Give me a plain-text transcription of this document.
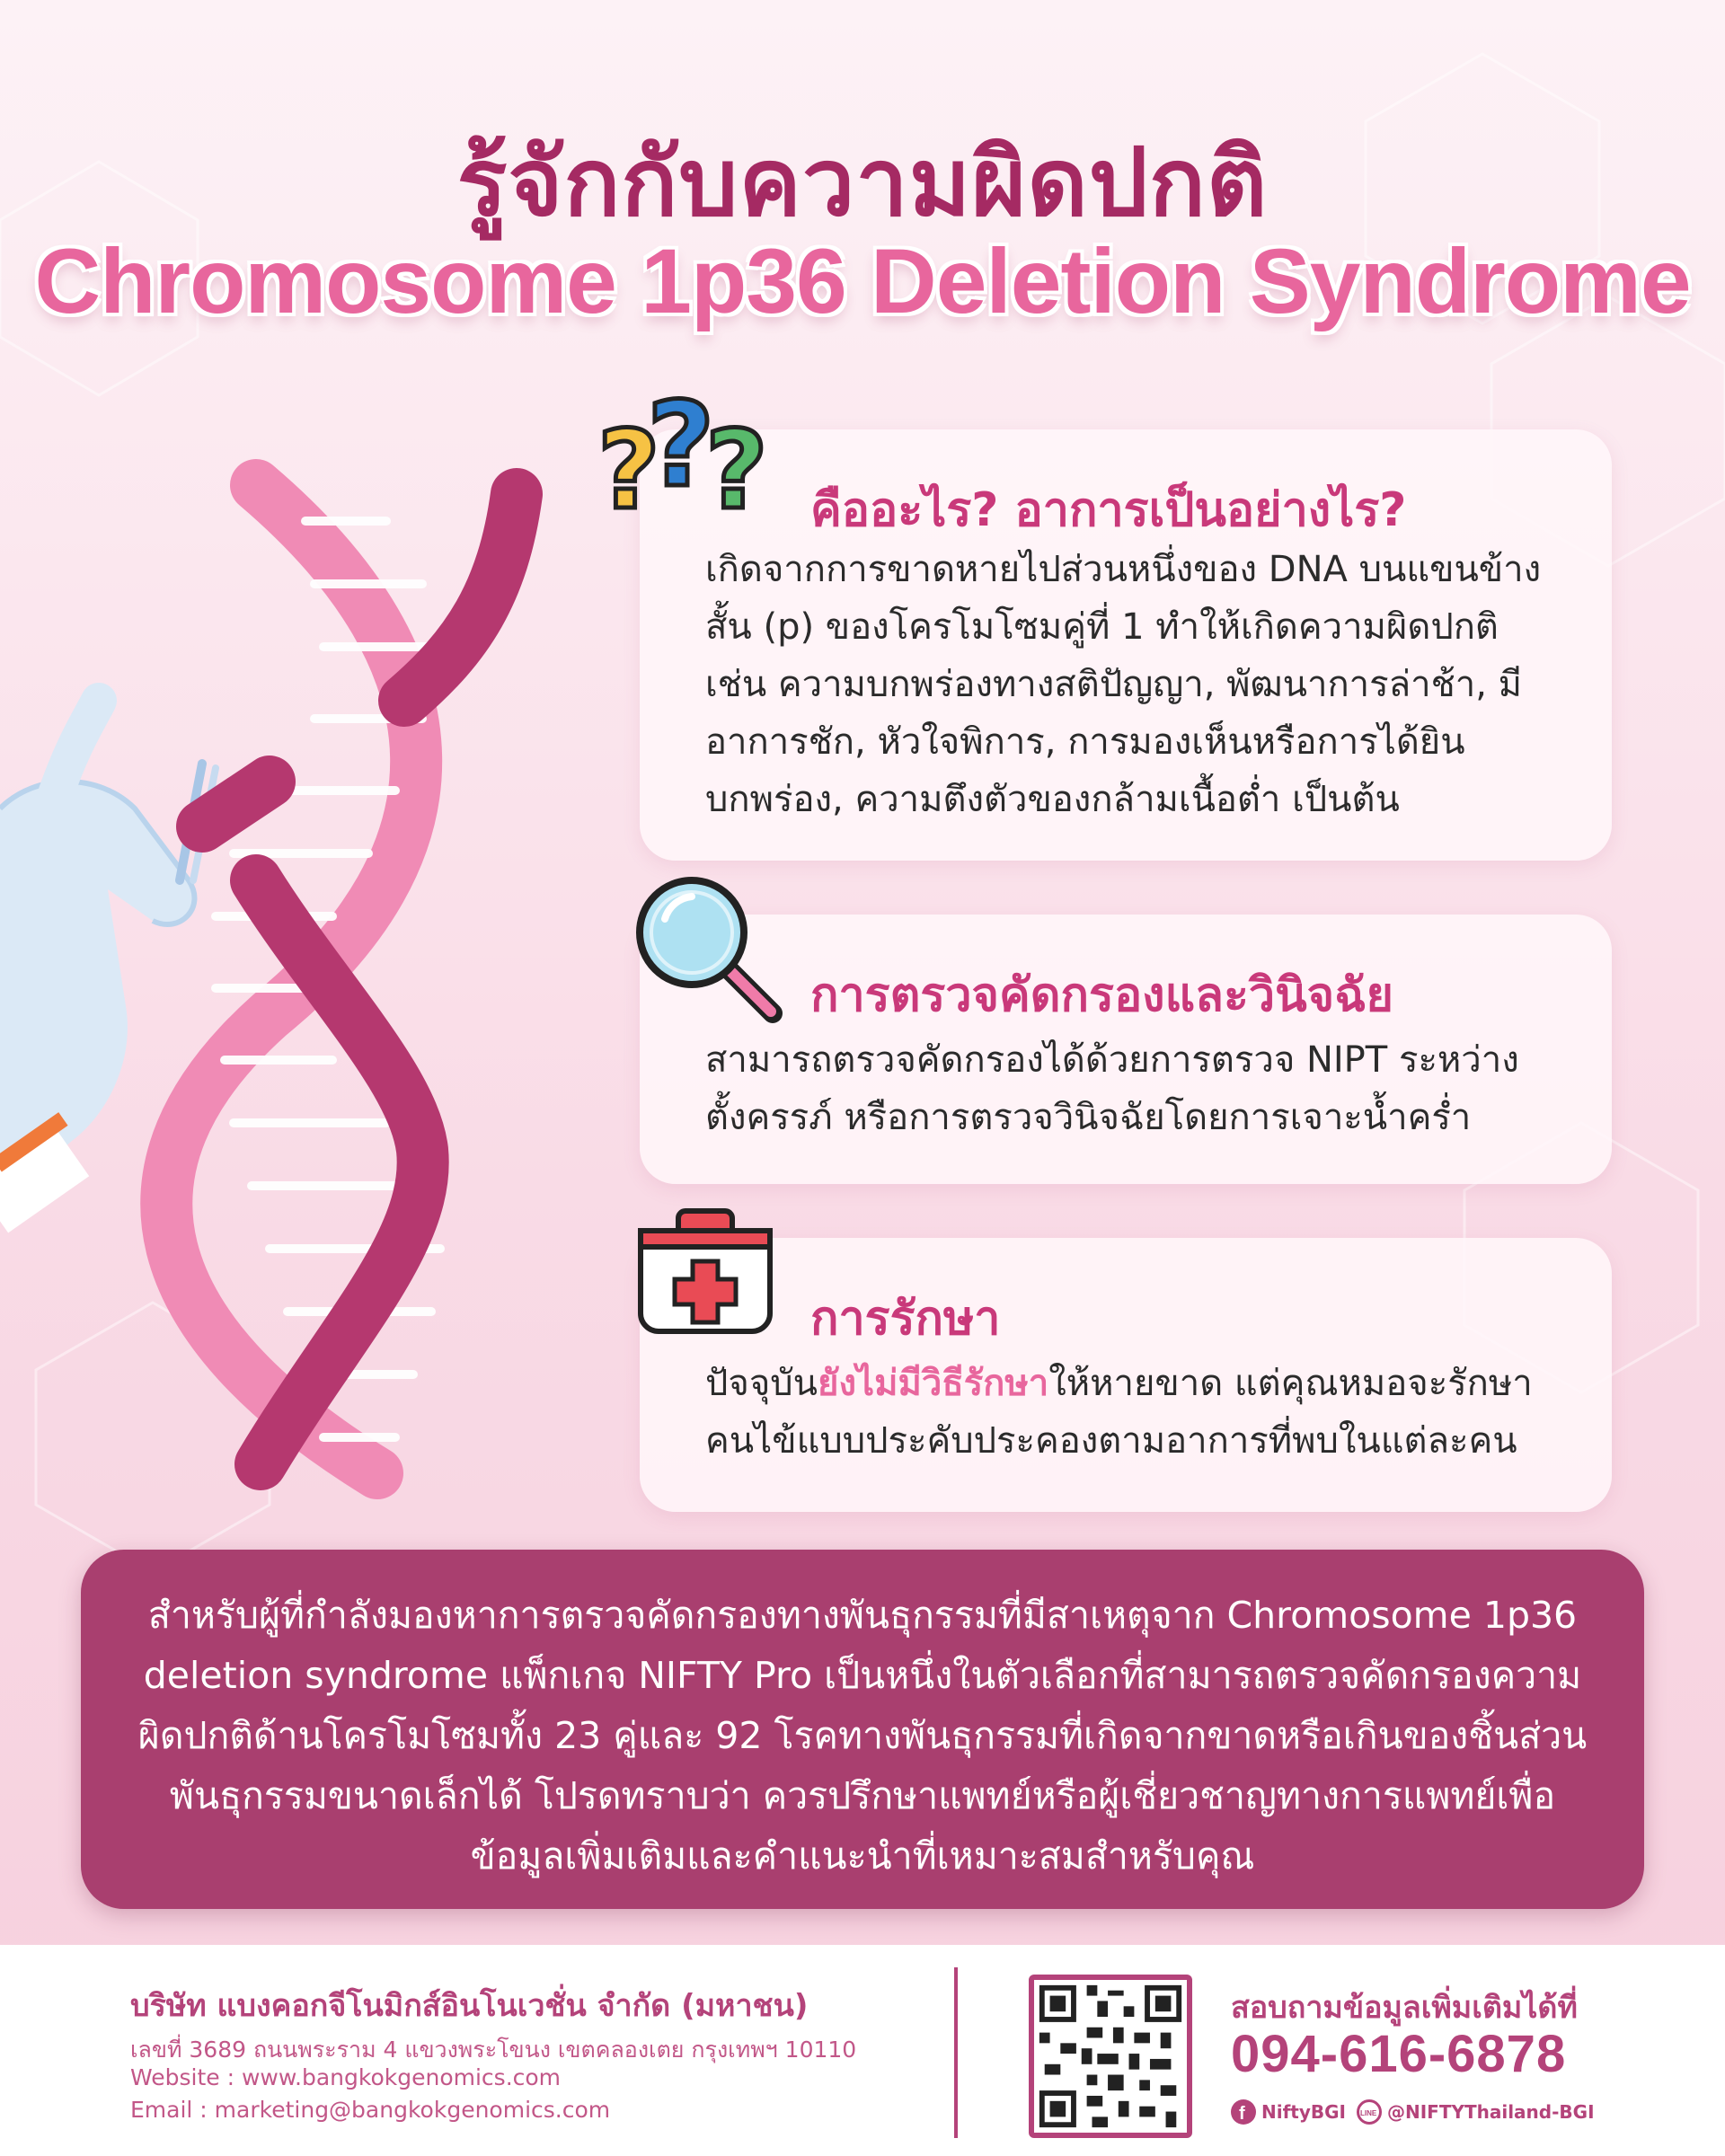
รู้จักกับความผิดปกติ
Chromosome 1p36 Deletion Syndrome
?
?
? คืออะไร? อาการเป็นอย่างไร?
เกิดจากการขาดหายไปส่วนหนึ่งของ DNA บนแขนข้าง สั้น (p) ของโครโมโซมคู่ที่ 1 ทำให้เกิดความผิดปกติ เช่น ความบกพร่องทางสติปัญญา, พัฒนาการล่าช้า, มีอาการชัก, หัวใจพิการ, การมองเห็นหรือการได้ยิน บกพร่อง, ความตึงตัวของกล้ามเนื้อต่ำ เป็นต้น
การตรวจคัดกรองและวินิจฉัย
สามารถตรวจคัดกรองได้ด้วยการตรวจ NIPT ระหว่าง ตั้งครรภ์ หรือการตรวจวินิจฉัยโดยการเจาะน้ำคร่ำ
การรักษา
ปัจจุบันยังไม่มีวิธีรักษาให้หายขาด แต่คุณหมอจะรักษา คนไข้แบบประคับประคองตามอาการที่พบในแต่ละคน
สำหรับผู้ที่กำลังมองหาการตรวจคัดกรองทางพันธุกรรมที่มีสาเหตุจาก Chromosome 1p36 deletion syndrome แพ็กเกจ NIFTY Pro เป็นหนึ่งในตัวเลือกที่สามารถตรวจคัดกรองความผิดปกติด้านโครโมโซมทั้ง 23 คู่และ 92 โรคทางพันธุกรรมที่เกิดจากขาดหรือเกินของชิ้นส่วนพันธุกรรมขนาดเล็กได้ โปรดทราบว่า ควรปรึกษาแพทย์หรือผู้เชี่ยวชาญทางการแพทย์เพื่อข้อมูลเพิ่มเติมและคำแนะนำที่เหมาะสมสำหรับคุณ
บริษัท แบงคอกจีโนมิกส์อินโนเวชั่น จำกัด (มหาชน)
เลขที่ 3689 ถนนพระราม 4 แขวงพระโขนง เขตคลองเตย กรุงเทพฯ 10110
Website : www.bangkokgenomics.com
Email : marketing@bangkokgenomics.com
สอบถามข้อมูลเพิ่มเติมได้ที่
094-616-6878
f NiftyBGI LINE @NIFTYThailand-BGI
